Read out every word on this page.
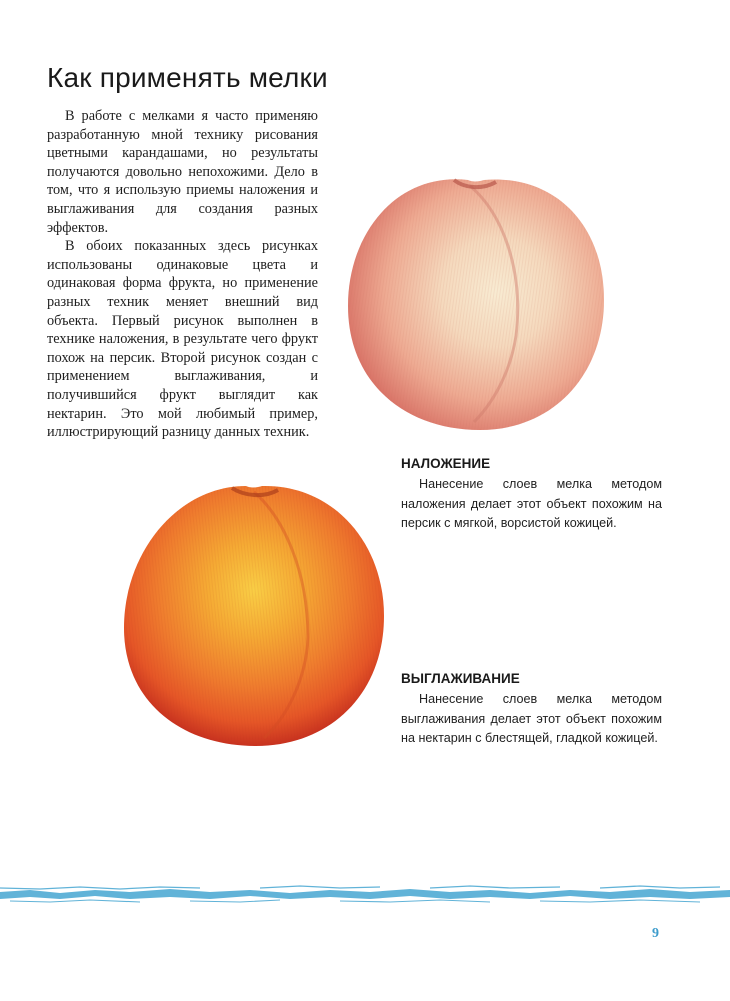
Как применять мелки

В работе с мелками я часто применяю разработанную мной технику рисования цветными карандашами, но результаты получаются довольно непохожими. Дело в том, что я использую приемы наложения и выглаживания для создания разных эффектов.

В обоих показанных здесь рисунках использованы одинаковые цвета и одинаковая форма фрукта, но применение разных техник меняет внешний вид объекта. Первый рисунок выполнен в технике наложения, в результате чего фрукт похож на персик. Второй рисунок создан с применением выглаживания, и получившийся фрукт выглядит как нектарин. Это мой любимый пример, иллюстрирующий разницу данных техник.

НАЛОЖЕНИЕ

Нанесение слоев мелка методом наложения делает этот объект похожим на персик с мягкой, ворсистой кожицей.

ВЫГЛАЖИВАНИЕ

Нанесение слоев мелка методом выглаживания делает этот объект похожим на нектарин с блестящей, гладкой кожицей.

9
